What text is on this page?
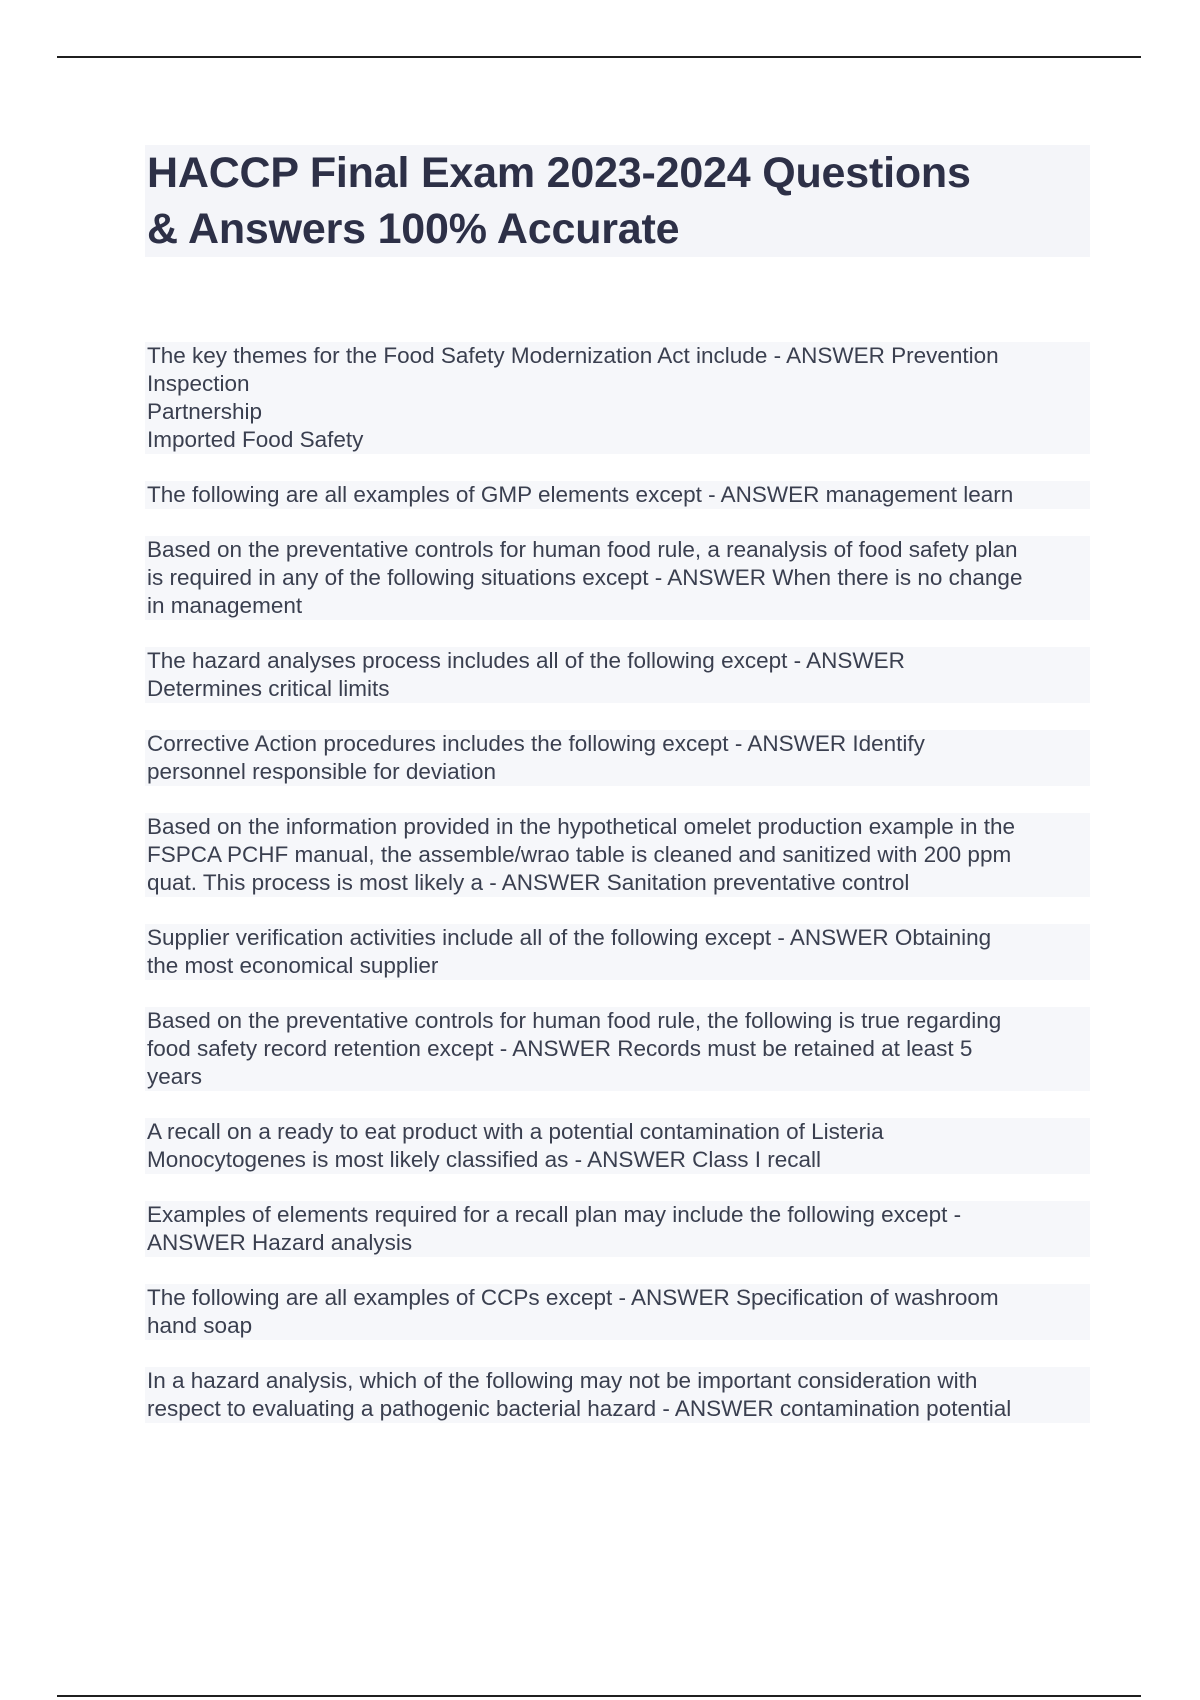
HACCP Final Exam 2023-2024 Questions
& Answers 100% Accurate
The key themes for the Food Safety Modernization Act include - ANSWER Prevention
Inspection
Partnership
Imported Food Safety
The following are all examples of GMP elements except - ANSWER management learn
Based on the preventative controls for human food rule, a reanalysis of food safety plan
is required in any of the following situations except - ANSWER When there is no change
in management
The hazard analyses process includes all of the following except - ANSWER
Determines critical limits
Corrective Action procedures includes the following except - ANSWER Identify
personnel responsible for deviation
Based on the information provided in the hypothetical omelet production example in the
FSPCA PCHF manual, the assemble/wrao table is cleaned and sanitized with 200 ppm
quat. This process is most likely a - ANSWER Sanitation preventative control
Supplier verification activities include all of the following except - ANSWER Obtaining
the most economical supplier
Based on the preventative controls for human food rule, the following is true regarding
food safety record retention except - ANSWER Records must be retained at least 5
years
A recall on a ready to eat product with a potential contamination of Listeria
Monocytogenes is most likely classified as - ANSWER Class I recall
Examples of elements required for a recall plan may include the following except -
ANSWER Hazard analysis
The following are all examples of CCPs except - ANSWER Specification of washroom
hand soap
In a hazard analysis, which of the following may not be important consideration with
respect to evaluating a pathogenic bacterial hazard - ANSWER contamination potential
